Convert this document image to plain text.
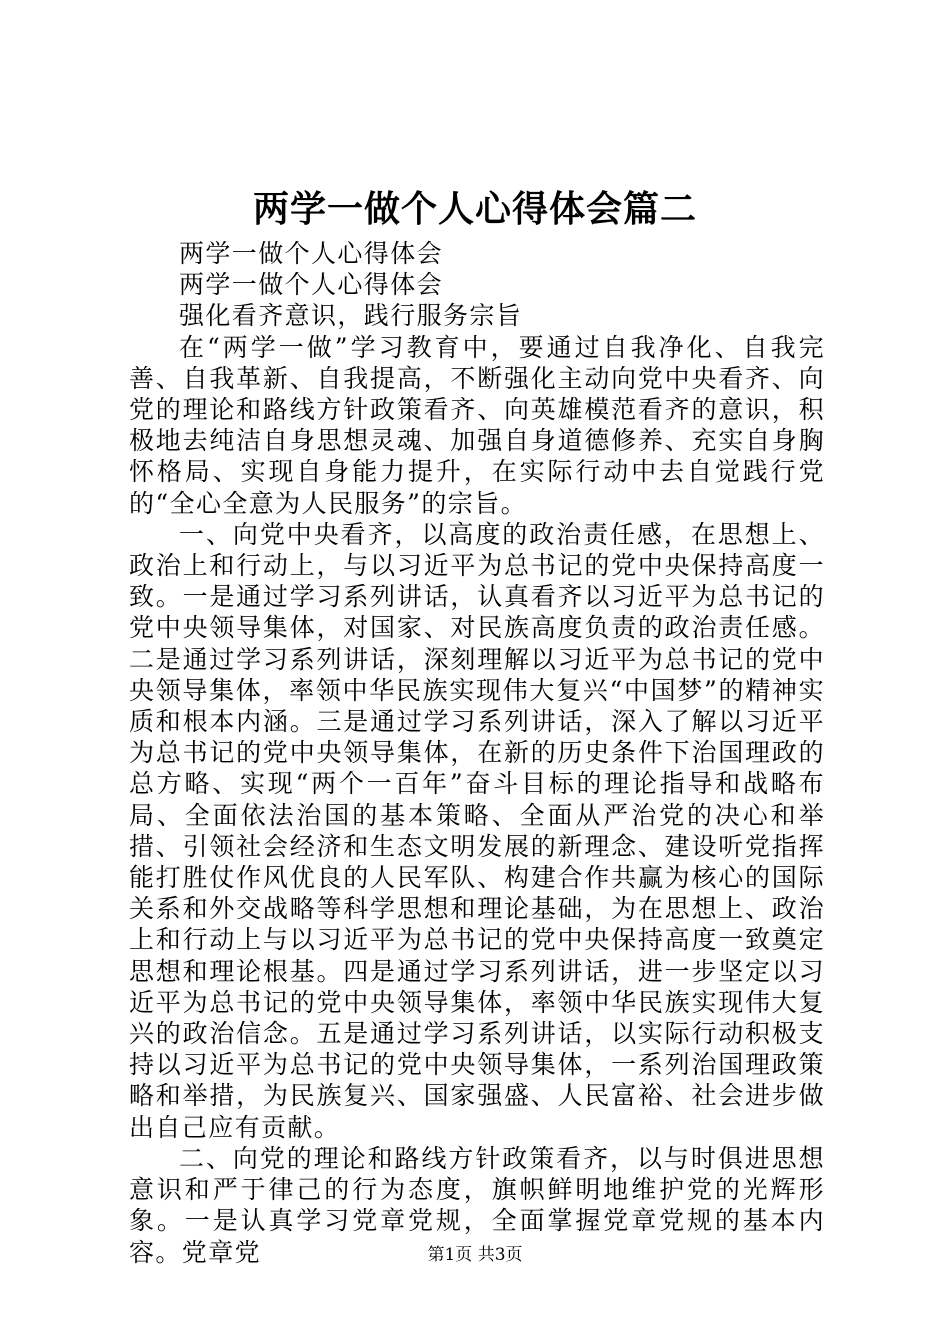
两学一做个人心得体会篇二

两学一做个人心得体会

两学一做个人心得体会

强化看齐意识，践行服务宗旨

在“两学一做”学习教育中，要通过自我净化、自我完善、自我革新、自我提高，不断强化主动向党中央看齐、向党的理论和路线方针政策看齐、向英雄模范看齐的意识，积极地去纯洁自身思想灵魂、加强自身道德修养、充实自身胸怀格局、实现自身能力提升，在实际行动中去自觉践行党的“全心全意为人民服务”的宗旨。

一、向党中央看齐，以高度的政治责任感，在思想上、政治上和行动上，与以习近平为总书记的党中央保持高度一致。一是通过学习系列讲话，认真看齐以习近平为总书记的党中央领导集体，对国家、对民族高度负责的政治责任感。二是通过学习系列讲话，深刻理解以习近平为总书记的党中央领导集体，率领中华民族实现伟大复兴“中国梦”的精神实质和根本内涵。三是通过学习系列讲话，深入了解以习近平为总书记的党中央领导集体，在新的历史条件下治国理政的总方略、实现“两个一百年”奋斗目标的理论指导和战略布局、全面依法治国的基本策略、全面从严治党的决心和举措、引领社会经济和生态文明发展的新理念、建设听党指挥能打胜仗作风优良的人民军队、构建合作共赢为核心的国际关系和外交战略等科学思想和理论基础，为在思想上、政治上和行动上与以习近平为总书记的党中央保持高度一致奠定思想和理论根基。四是通过学习系列讲话，进一步坚定以习近平为总书记的党中央领导集体，率领中华民族实现伟大复兴的政治信念。五是通过学习系列讲话，以实际行动积极支持以习近平为总书记的党中央领导集体，一系列治国理政策略和举措，为民族复兴、国家强盛、人民富裕、社会进步做出自己应有贡献。

二、向党的理论和路线方针政策看齐，以与时俱进思想意识和严于律己的行为态度，旗帜鲜明地维护党的光辉形象。一是认真学习党章党规，全面掌握党章党规的基本内容。党章党	第1页 共3页
